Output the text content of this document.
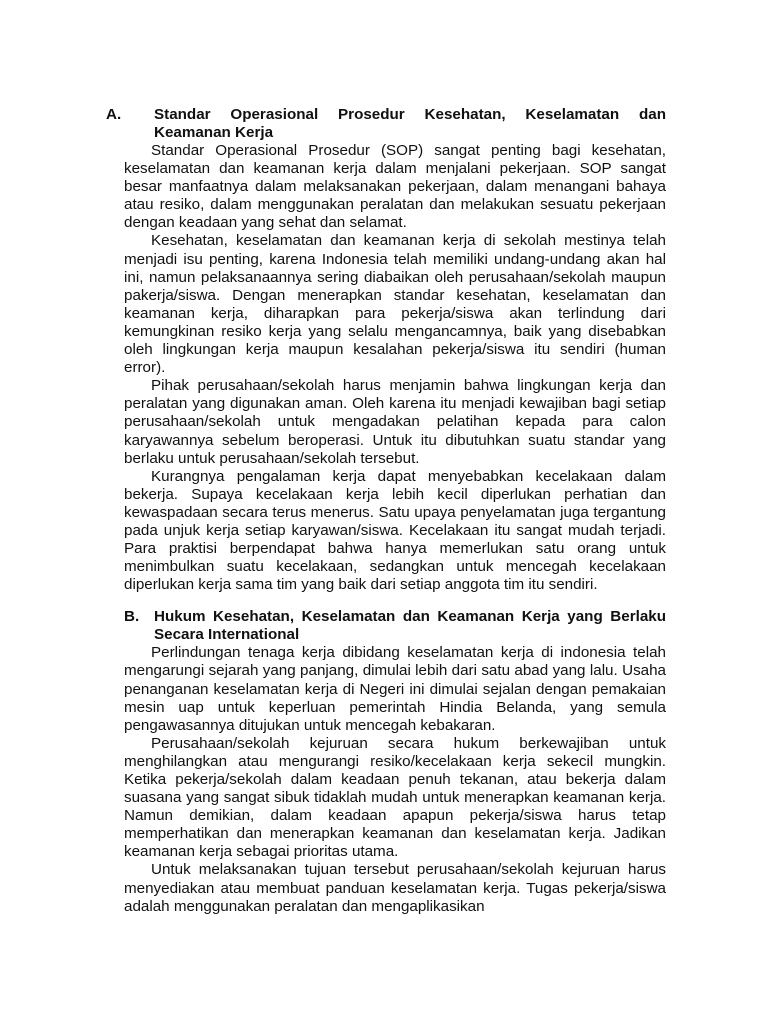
A. Standar Operasional Prosedur Kesehatan, Keselamatan dan Keamanan Kerja

Standar Operasional Prosedur (SOP) sangat penting bagi kesehatan, keselamatan dan keamanan kerja dalam menjalani pekerjaan. SOP sangat besar manfaatnya dalam melaksanakan pekerjaan, dalam menangani bahaya atau resiko, dalam menggunakan peralatan dan melakukan sesuatu pekerjaan dengan keadaan yang sehat dan selamat.

Kesehatan, keselamatan dan keamanan kerja di sekolah mestinya telah menjadi isu penting, karena Indonesia telah memiliki undang-undang akan hal ini, namun pelaksanaannya sering diabaikan oleh perusahaan/sekolah maupun pakerja/siswa. Dengan menerapkan standar kesehatan, keselamatan dan keamanan kerja, diharapkan para pekerja/siswa akan terlindung dari kemungkinan resiko kerja yang selalu mengancamnya, baik yang disebabkan oleh lingkungan kerja maupun kesalahan pekerja/siswa itu sendiri (human error).

Pihak perusahaan/sekolah harus menjamin bahwa lingkungan kerja dan peralatan yang digunakan aman. Oleh karena itu menjadi kewajiban bagi setiap perusahaan/sekolah untuk mengadakan pelatihan kepada para calon karyawannya sebelum beroperasi. Untuk itu dibutuhkan suatu standar yang berlaku untuk perusahaan/sekolah tersebut.

Kurangnya pengalaman kerja dapat menyebabkan kecelakaan dalam bekerja. Supaya kecelakaan kerja lebih kecil diperlukan perhatian dan kewaspadaan secara terus menerus. Satu upaya penyelamatan juga tergantung pada unjuk kerja setiap karyawan/siswa. Kecelakaan itu sangat mudah terjadi. Para praktisi berpendapat bahwa hanya memerlukan satu orang untuk menimbulkan suatu kecelakaan, sedangkan untuk mencegah kecelakaan diperlukan kerja sama tim yang baik dari setiap anggota tim itu sendiri.

B. Hukum Kesehatan, Keselamatan dan Keamanan Kerja yang Berlaku Secara International

Perlindungan tenaga kerja dibidang keselamatan kerja di indonesia telah mengarungi sejarah yang panjang, dimulai lebih dari satu abad yang lalu. Usaha penanganan keselamatan kerja di Negeri ini dimulai sejalan dengan pemakaian mesin uap untuk keperluan pemerintah Hindia Belanda, yang semula pengawasannya ditujukan untuk mencegah kebakaran.

Perusahaan/sekolah kejuruan secara hukum berkewajiban untuk menghilangkan atau mengurangi resiko/kecelakaan kerja sekecil mungkin. Ketika pekerja/sekolah dalam keadaan penuh tekanan, atau bekerja dalam suasana yang sangat sibuk tidaklah mudah untuk menerapkan keamanan kerja. Namun demikian, dalam keadaan apapun pekerja/siswa harus tetap memperhatikan dan menerapkan keamanan dan keselamatan kerja. Jadikan keamanan kerja sebagai prioritas utama.

Untuk melaksanakan tujuan tersebut perusahaan/sekolah kejuruan harus menyediakan atau membuat panduan keselamatan kerja. Tugas pekerja/siswa adalah menggunakan peralatan dan mengaplikasikan
